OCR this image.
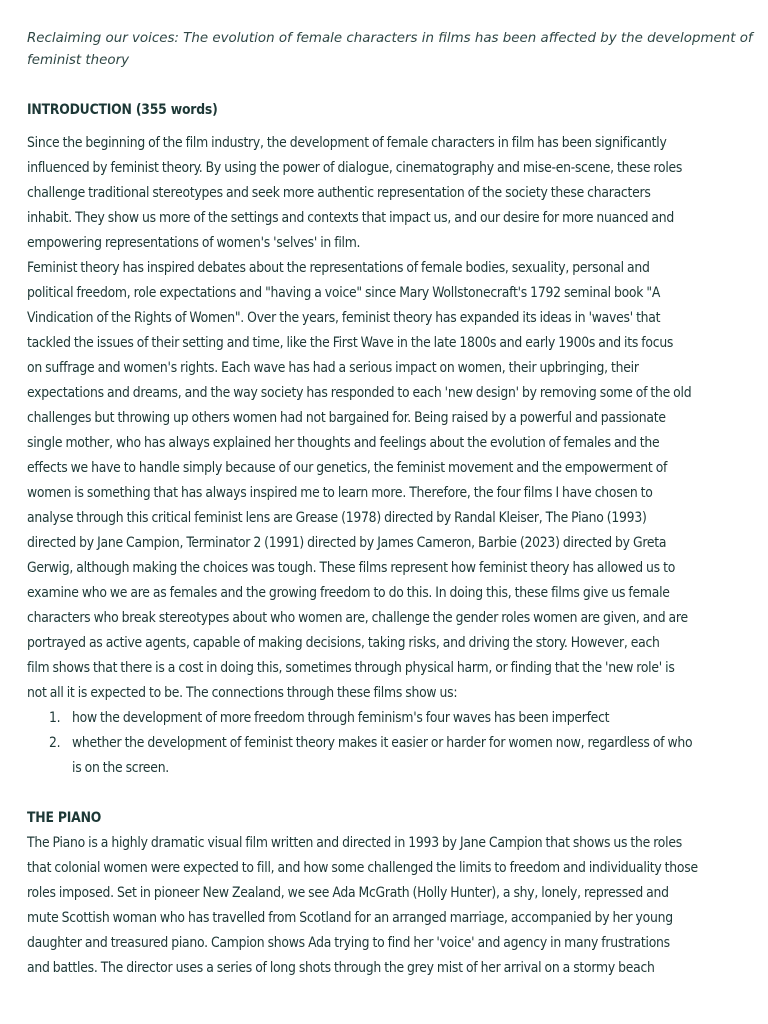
Reclaiming our voices: The evolution of female characters in films has been affected by the development of
feminist theory

INTRODUCTION (355 words)

Since the beginning of the film industry, the development of female characters in film has been significantly
influenced by feminist theory. By using the power of dialogue, cinematography and mise-en-scene, these roles
challenge traditional stereotypes and seek more authentic representation of the society these characters
inhabit. They show us more of the settings and contexts that impact us, and our desire for more nuanced and
empowering representations of women's 'selves' in film.

Feminist theory has inspired debates about the representations of female bodies, sexuality, personal and
political freedom, role expectations and "having a voice" since Mary Wollstonecraft's 1792 seminal book "A
Vindication of the Rights of Women". Over the years, feminist theory has expanded its ideas in 'waves' that
tackled the issues of their setting and time, like the First Wave in the late 1800s and early 1900s and its focus
on suffrage and women's rights. Each wave has had a serious impact on women, their upbringing, their
expectations and dreams, and the way society has responded to each 'new design' by removing some of the old
challenges but throwing up others women had not bargained for. Being raised by a powerful and passionate
single mother, who has always explained her thoughts and feelings about the evolution of females and the
effects we have to handle simply because of our genetics, the feminist movement and the empowerment of
women is something that has always inspired me to learn more. Therefore, the four films I have chosen to
analyse through this critical feminist lens are Grease (1978) directed by Randal Kleiser, The Piano (1993)
directed by Jane Campion, Terminator 2 (1991) directed by James Cameron, Barbie (2023) directed by Greta
Gerwig, although making the choices was tough. These films represent how feminist theory has allowed us to
examine who we are as females and the growing freedom to do this. In doing this, these films give us female
characters who break stereotypes about who women are, challenge the gender roles women are given, and are
portrayed as active agents, capable of making decisions, taking risks, and driving the story. However, each
film shows that there is a cost in doing this, sometimes through physical harm, or finding that the 'new role' is
not all it is expected to be. The connections through these films show us:

1. how the development of more freedom through feminism's four waves has been imperfect
2. whether the development of feminist theory makes it easier or harder for women now, regardless of who
is on the screen.

THE PIANO

The Piano is a highly dramatic visual film written and directed in 1993 by Jane Campion that shows us the roles
that colonial women were expected to fill, and how some challenged the limits to freedom and individuality those
roles imposed. Set in pioneer New Zealand, we see Ada McGrath (Holly Hunter), a shy, lonely, repressed and
mute Scottish woman who has travelled from Scotland for an arranged marriage, accompanied by her young
daughter and treasured piano. Campion shows Ada trying to find her 'voice' and agency in many frustrations
and battles. The director uses a series of long shots through the grey mist of her arrival on a stormy beach
